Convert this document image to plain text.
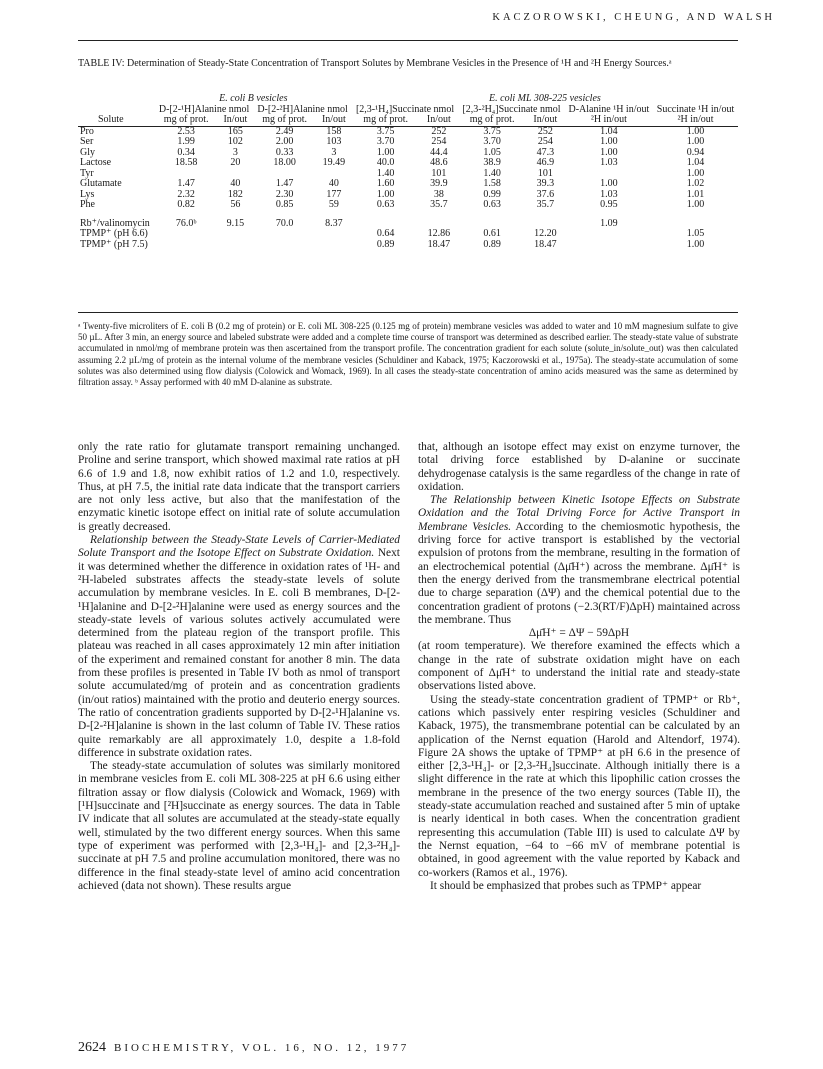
KACZOROWSKI, CHEUNG, AND WALSH
TABLE IV: Determination of Steady-State Concentration of Transport Solutes by Membrane Vesicles in the Presence of ¹H and ²H Energy Sources.ᵃ
	E. coli B vesicles				E. coli ML 308-225 vesicles					
	D-[2-¹H]Alanine nmol		D-[2-²H]Alanine nmol		[2,3-¹H₄]Succinate nmol		[2,3-²H₄]Succinate nmol		D-Alanine ¹H in/out	Succinate ¹H in/out
Solute	mg of prot.	In/out	mg of prot.	In/out	mg of prot.	In/out	mg of prot.	In/out	²H in/out	²H in/out
Pro	2.53	165	2.49	158	3.75	252	3.75	252	1.04	1.00
Ser	1.99	102	2.00	103	3.70	254	3.70	254	1.00	1.00
Gly	0.34	3	0.33	3	1.00	44.4	1.05	47.3	1.00	0.94
Lactose	18.58	20	18.00	19.49	40.0	48.6	38.9	46.9	1.03	1.04
Tyr					1.40	101	1.40	101		1.00
Glutamate	1.47	40	1.47	40	1.60	39.9	1.58	39.3	1.00	1.02
Lys	2.32	182	2.30	177	1.00	38	0.99	37.6	1.03	1.01
Phe	0.82	56	0.85	59	0.63	35.7	0.63	35.7	0.95	1.00
Rb⁺/valinomycin	76.0ᵇ	9.15	70.0	8.37					1.09	
TPMP⁺ (pH 6.6)					0.64	12.86	0.61	12.20		1.05
TPMP⁺ (pH 7.5)					0.89	18.47	0.89	18.47		1.00
ᵃ Twenty-five microliters of E. coli B (0.2 mg of protein) or E. coli ML 308-225 (0.125 mg of protein) membrane vesicles was added to water and 10 mM magnesium sulfate to give 50 µL. After 3 min, an energy source and labeled substrate were added and a complete time course of transport was determined as described earlier. The steady-state value of substrate accumulated in nmol/mg of membrane protein was then ascertained from the transport profile. The concentration gradient for each solute (solute_in/solute_out) was then calculated assuming 2.2 µL/mg of protein as the internal volume of the membrane vesicles (Schuldiner and Kaback, 1975; Kaczorowski et al., 1975a). The steady-state accumulation of some solutes was also determined using flow dialysis (Colowick and Womack, 1969). In all cases the steady-state concentration of amino acids measured was the same as determined by filtration assay. ᵇ Assay performed with 40 mM D-alanine as substrate.

only the rate ratio for glutamate transport remaining unchanged. Proline and serine transport, which showed maximal rate ratios at pH 6.6 of 1.9 and 1.8, now exhibit ratios of 1.2 and 1.0, respectively. Thus, at pH 7.5, the initial rate data indicate that the transport carriers are not only less active, but also that the manifestation of the enzymatic kinetic isotope effect on initial rate of solute accumulation is greatly decreased.

Relationship between the Steady-State Levels of Carrier-Mediated Solute Transport and the Isotope Effect on Substrate Oxidation. Next it was determined whether the difference in oxidation rates of ¹H- and ²H-labeled substrates affects the steady-state levels of solute accumulation by membrane vesicles. In E. coli B membranes, D-[2-¹H]alanine and D-[2-²H]alanine were used as energy sources and the steady-state levels of various solutes actively accumulated were determined from the plateau region of the transport profile. This plateau was reached in all cases approximately 12 min after initiation of the experiment and remained constant for another 8 min. The data from these profiles is presented in Table IV both as nmol of transport solute accumulated/mg of protein and as concentration gradients (in/out ratios) maintained with the protio and deuterio energy sources. The ratio of concentration gradients supported by D-[2-¹H]alanine vs. D-[2-²H]alanine is shown in the last column of Table IV. These ratios quite remarkably are all approximately 1.0, despite a 1.8-fold difference in substrate oxidation rates.

The steady-state accumulation of solutes was similarly monitored in membrane vesicles from E. coli ML 308-225 at pH 6.6 using either filtration assay or flow dialysis (Colowick and Womack, 1969) with [¹H]succinate and [²H]succinate as energy sources. The data in Table IV indicate that all solutes are accumulated at the steady-state equally well, stimulated by the two different energy sources. When this same type of experiment was performed with [2,3-¹H₄]- and [2,3-²H₄]-succinate at pH 7.5 and proline accumulation monitored, there was no difference in the final steady-state level of amino acid concentration achieved (data not shown). These results argue

that, although an isotope effect may exist on enzyme turnover, the total driving force established by D-alanine or succinate dehydrogenase catalysis is the same regardless of the change in rate of oxidation.

The Relationship between Kinetic Isotope Effects on Substrate Oxidation and the Total Driving Force for Active Transport in Membrane Vesicles. According to the chemiosmotic hypothesis, the driving force for active transport is established by the vectorial expulsion of protons from the membrane, resulting in the formation of an electrochemical potential (Δμ̄H⁺) across the membrane. Δμ̄H⁺ is then the energy derived from the transmembrane electrical potential due to charge separation (ΔΨ) and the chemical potential due to the concentration gradient of protons (−2.3(RT/F)ΔpH) maintained across the membrane. Thus

Δμ̄H⁺ = ΔΨ − 59ΔpH

(at room temperature). We therefore examined the effects which a change in the rate of substrate oxidation might have on each component of Δμ̄H⁺ to understand the initial rate and steady-state observations listed above.

Using the steady-state concentration gradient of TPMP⁺ or Rb⁺, cations which passively enter respiring vesicles (Schuldiner and Kaback, 1975), the transmembrane potential can be calculated by an application of the Nernst equation (Harold and Altendorf, 1974). Figure 2A shows the uptake of TPMP⁺ at pH 6.6 in the presence of either [2,3-¹H₄]- or [2,3-²H₄]succinate. Although initially there is a slight difference in the rate at which this lipophilic cation crosses the membrane in the presence of the two energy sources (Table II), the steady-state accumulation reached and sustained after 5 min of uptake is nearly identical in both cases. When the concentration gradient representing this accumulation (Table III) is used to calculate ΔΨ by the Nernst equation, −64 to −66 mV of membrane potential is obtained, in good agreement with the value reported by Kaback and co-workers (Ramos et al., 1976).

It should be emphasized that probes such as TPMP⁺ appear

2624 BIOCHEMISTRY, VOL. 16, NO. 12, 1977
